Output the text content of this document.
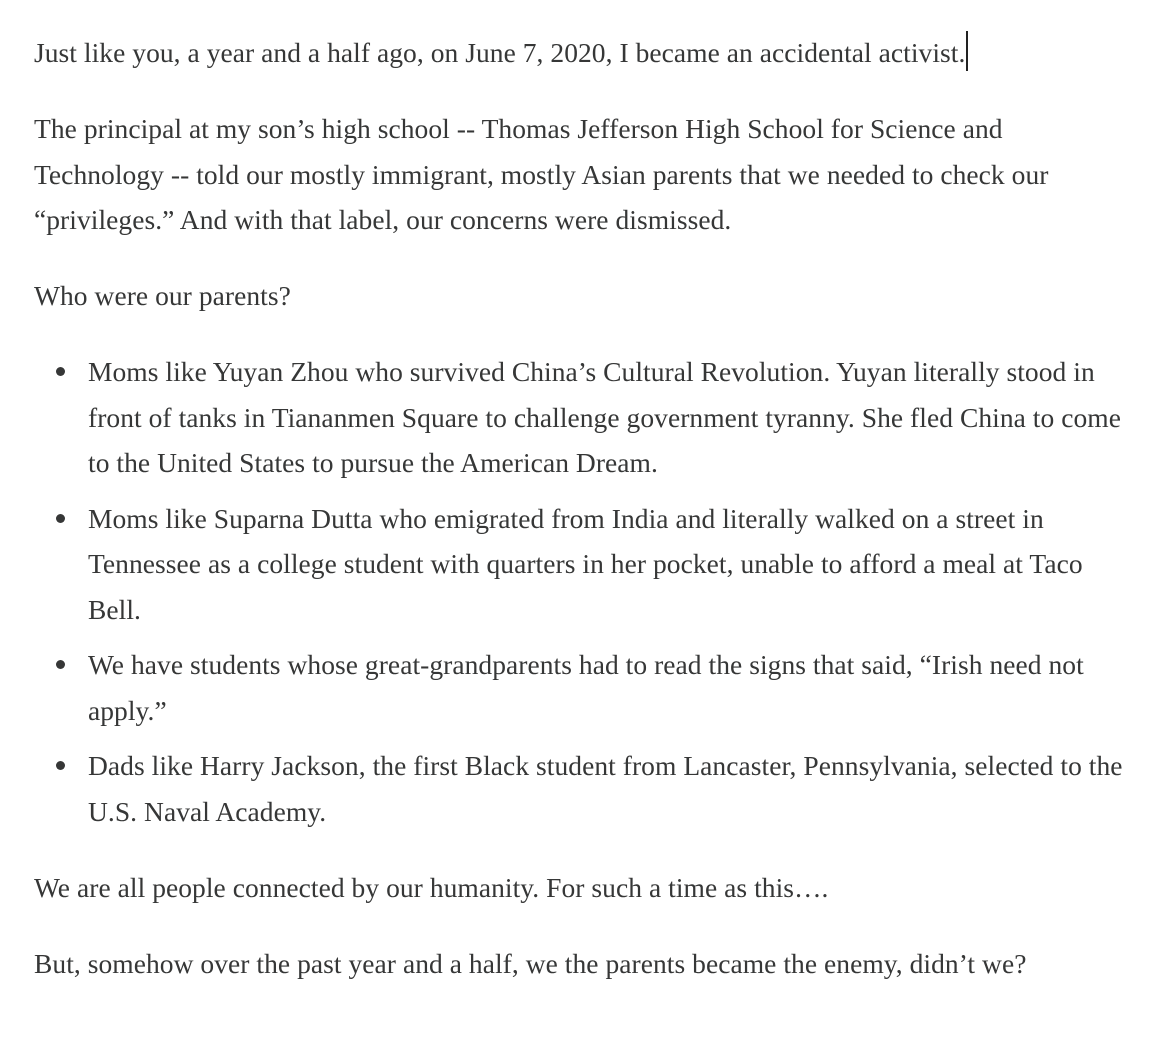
Just like you, a year and a half ago, on June 7, 2020, I became an accidental activist.

The principal at my son’s high school -- Thomas Jefferson High School for Science and Technology -- told our mostly immigrant, mostly Asian parents that we needed to check our “privileges.” And with that label, our concerns were dismissed.

Who were our parents?

Moms like Yuyan Zhou who survived China’s Cultural Revolution. Yuyan literally stood in front of tanks in Tiananmen Square to challenge government tyranny. She fled China to come to the United States to pursue the American Dream.
Moms like Suparna Dutta who emigrated from India and literally walked on a street in Tennessee as a college student with quarters in her pocket, unable to afford a meal at Taco Bell.
We have students whose great-grandparents had to read the signs that said, “Irish need not apply.”
Dads like Harry Jackson, the first Black student from Lancaster, Pennsylvania, selected to the U.S. Naval Academy.

We are all people connected by our humanity. For such a time as this….

But, somehow over the past year and a half, we the parents became the enemy, didn’t we?
